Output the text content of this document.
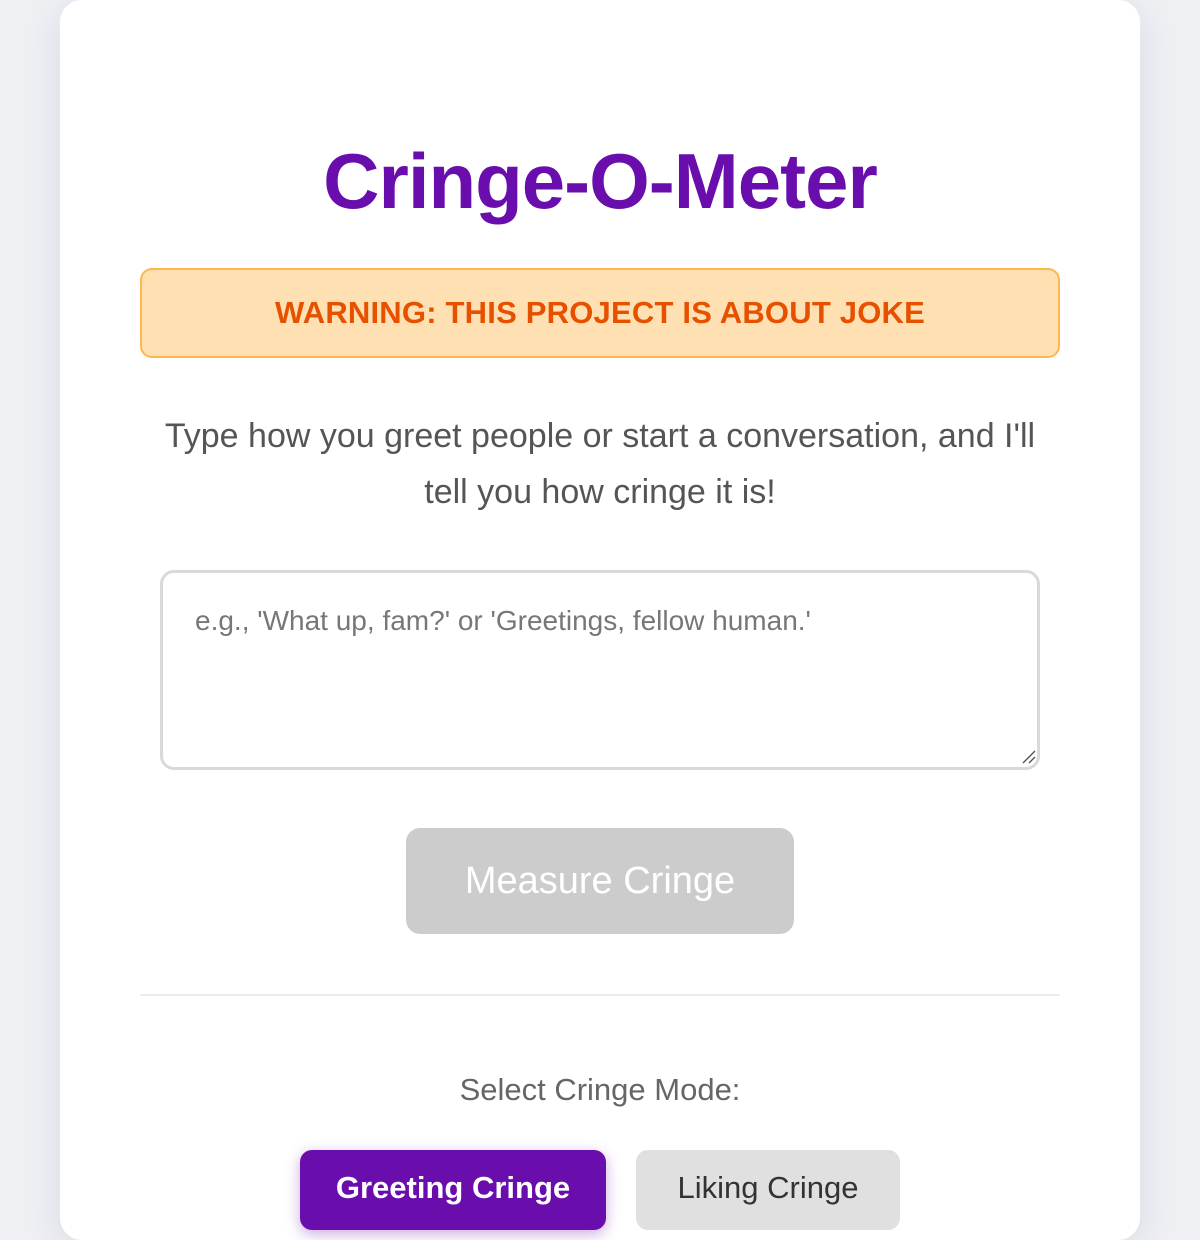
Cringe-O-Meter
WARNING: THIS PROJECT IS ABOUT JOKE

Type how you greet people or start a conversation, and I'll tell you how cringe it is!

e.g., 'What up, fam?' or 'Greetings, fellow human.'
Measure Cringe

Select Cringe Mode:

Greeting Cringe	Liking Cringe
